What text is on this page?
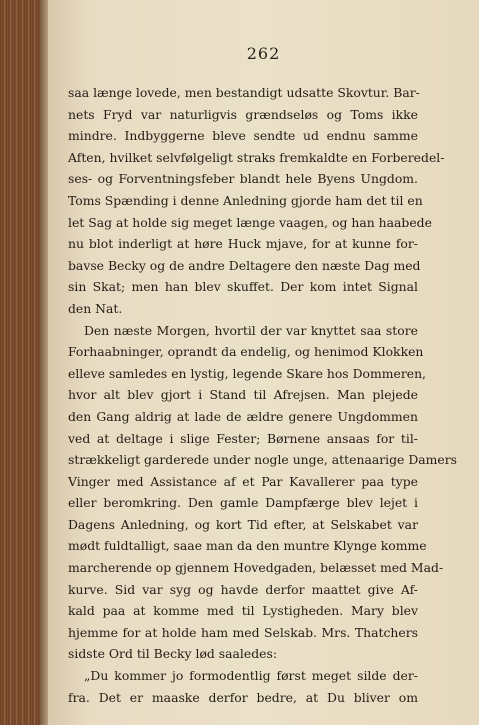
262
saa længe lovede, men bestandigt udsatte Skovtur. Bar-
nets Fryd var naturligvis grændseløs og Toms ikke
mindre. Indbyggerne bleve sendte ud endnu samme
Aften, hvilket selvfølgeligt straks fremkaldte en Forberedel-
ses- og Forventningsfeber blandt hele Byens Ungdom.
Toms Spænding i denne Anledning gjorde ham det til en
let Sag at holde sig meget længe vaagen, og han haabede
nu blot inderligt at høre Huck mjave, for at kunne for-
bavse Becky og de andre Deltagere den næste Dag med
sin Skat; men han blev skuffet. Der kom intet Signal
den Nat.
Den næste Morgen, hvortil der var knyttet saa store
Forhaabninger, oprandt da endelig, og henimod Klokken
elleve samledes en lystig, legende Skare hos Dommeren,
hvor alt blev gjort i Stand til Afrejsen. Man plejede
den Gang aldrig at lade de ældre genere Ungdommen
ved at deltage i slige Fester; Børnene ansaas for til-
strækkeligt garderede under nogle unge, attenaarige Damers
Vinger med Assistance af et Par Kavallerer paa type
eller beromkring. Den gamle Dampfærge blev lejet i
Dagens Anledning, og kort Tid efter, at Selskabet var
mødt fuldtalligt, saae man da den muntre Klynge komme
marcherende op gjennem Hovedgaden, belæsset med Mad-
kurve. Sid var syg og havde derfor maattet give Af-
kald paa at komme med til Lystigheden. Mary blev
hjemme for at holde ham med Selskab. Mrs. Thatchers
sidste Ord til Becky lød saaledes:
„Du kommer jo formodentlig først meget silde der-
fra. Det er maaske derfor bedre, at Du bliver om
